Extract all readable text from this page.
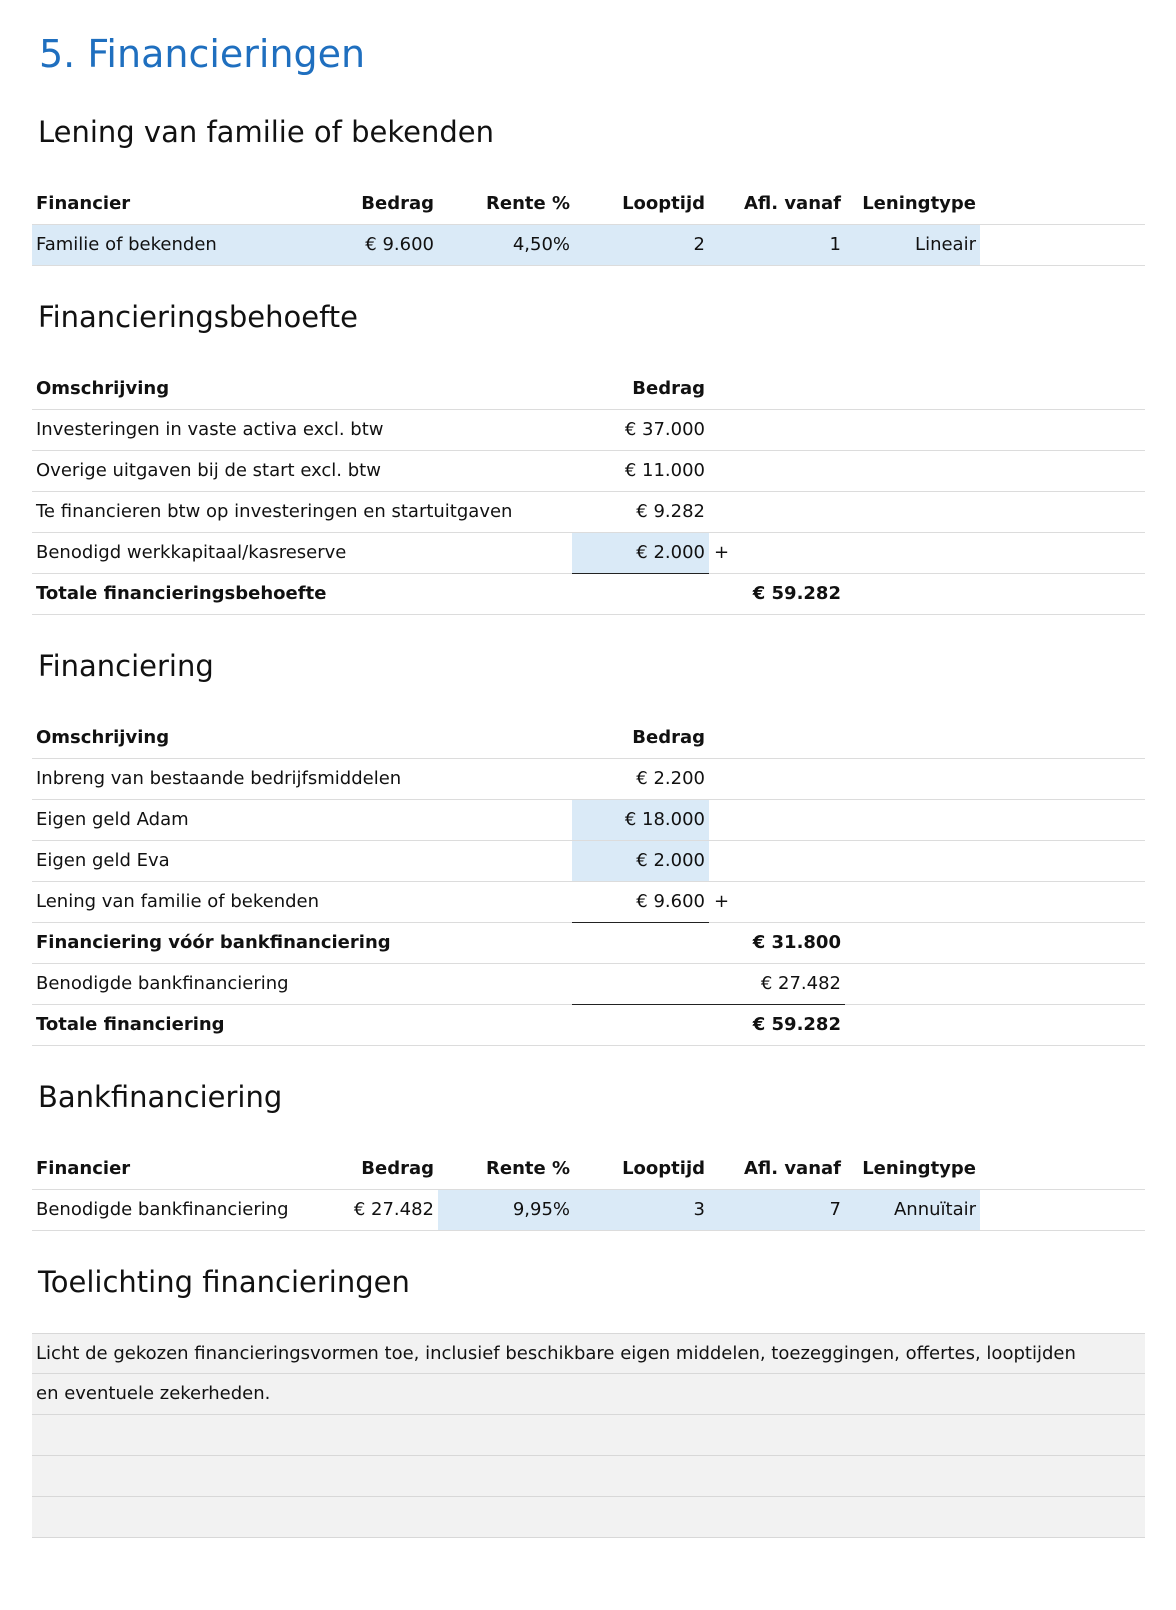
5. Financieringen
Lening van familie of bekenden
Financier	Bedrag	Rente %	Looptijd	Afl. vanaf	Leningtype
Familie of bekenden	€ 9.600	4,50%	2	1	Lineair
Financieringsbehoefte
Omschrijving	Bedrag
Investeringen in vaste activa excl. btw	€ 37.000
Overige uitgaven bij de start excl. btw	€ 11.000
Te financieren btw op investeringen en startuitgaven	€ 9.282
Benodigd werkkapitaal/kasreserve	€ 2.000 +
Totale financieringsbehoefte	€ 59.282
Financiering
Omschrijving	Bedrag
Inbreng van bestaande bedrijfsmiddelen	€ 2.200
Eigen geld Adam	€ 18.000
Eigen geld Eva	€ 2.000
Lening van familie of bekenden	€ 9.600 +
Financiering vóór bankfinanciering	€ 31.800
Benodigde bankfinanciering	€ 27.482
Totale financiering	€ 59.282
Bankfinanciering
Financier	Bedrag	Rente %	Looptijd	Afl. vanaf	Leningtype
Benodigde bankfinanciering	€ 27.482	9,95%	3	7	Annuïtair
Toelichting financieringen
Licht de gekozen financieringsvormen toe, inclusief beschikbare eigen middelen, toezeggingen, offertes, looptijden
en eventuele zekerheden.
